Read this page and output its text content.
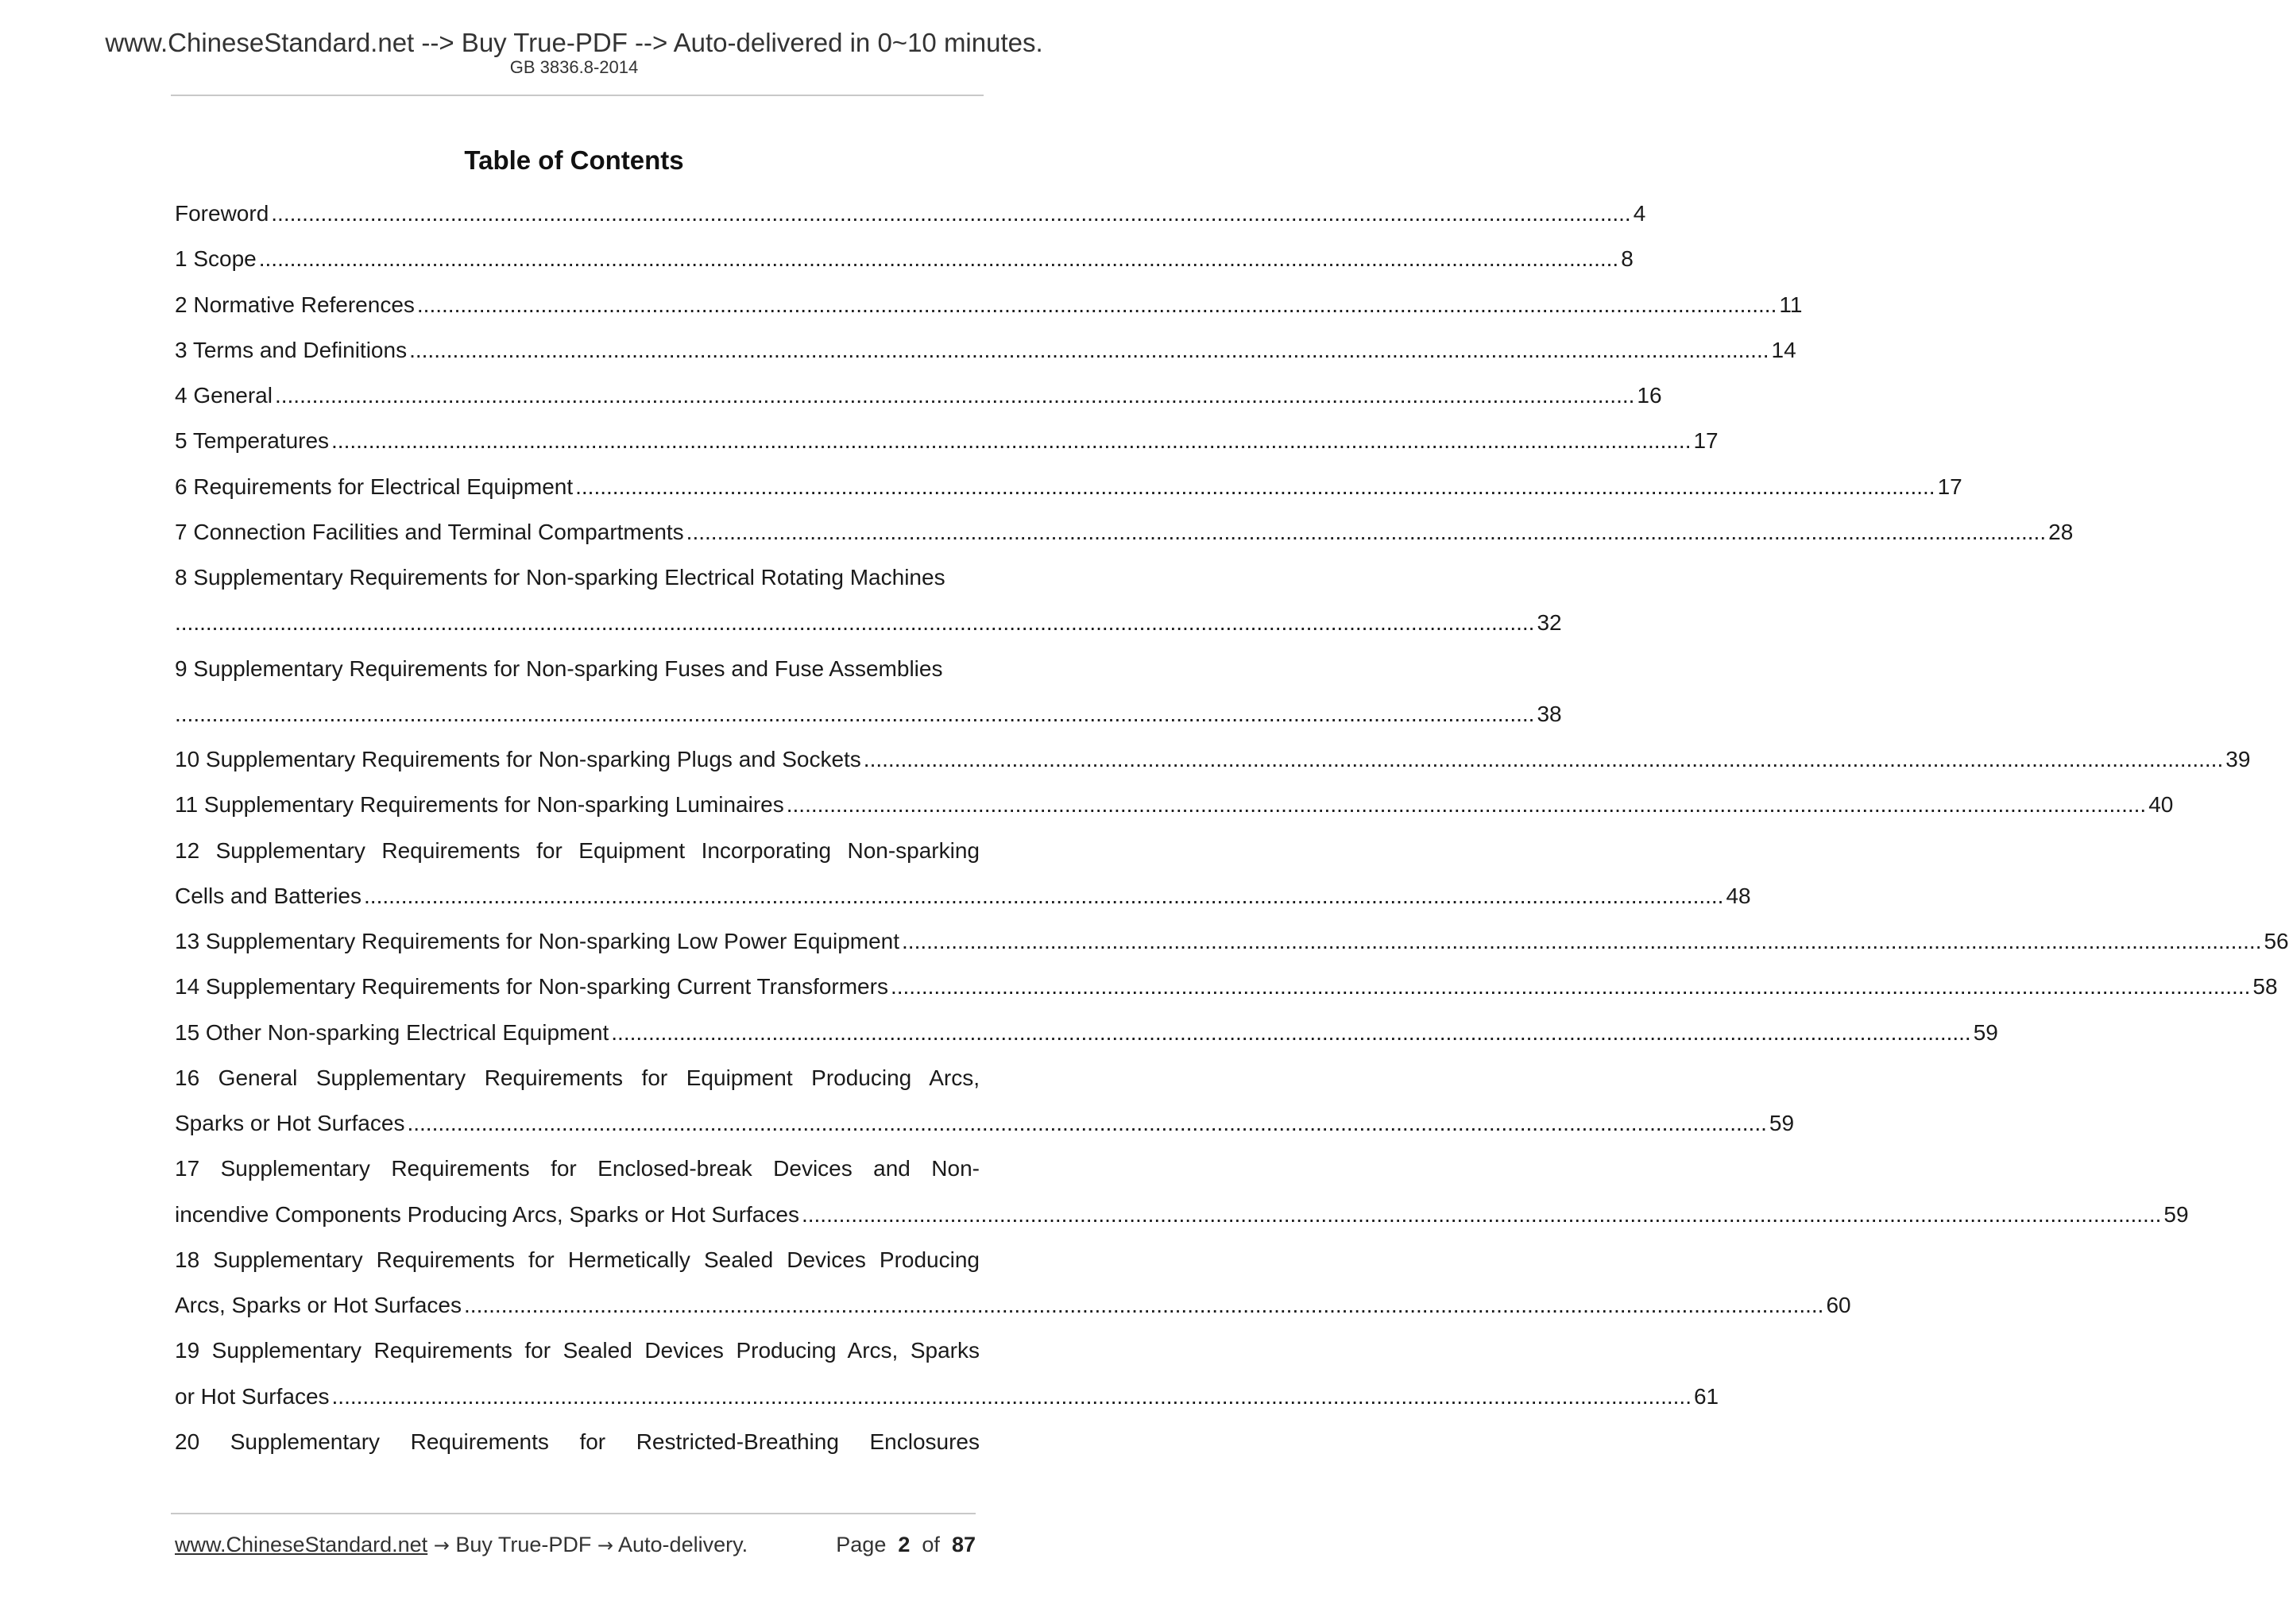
www.ChineseStandard.net --> Buy True-PDF --> Auto-delivered in 0~10 minutes.
GB 3836.8-2014
Table of Contents
Foreword ............................................................................................................................................................................................................................ 4
1 Scope ............................................................................................................................................................................................................................ 8
2 Normative References ............................................................................................................................................................................................................................ 11
3 Terms and Definitions ............................................................................................................................................................................................................................ 14
4 General ............................................................................................................................................................................................................................ 16
5 Temperatures ............................................................................................................................................................................................................................ 17
6 Requirements for Electrical Equipment ............................................................................................................................................................................................................................ 17
7 Connection Facilities and Terminal Compartments ............................................................................................................................................................................................................................ 28
8 Supplementary Requirements for Non-sparking Electrical Rotating Machines
............................................................................................................................................................................................................................ 32
9 Supplementary Requirements for Non-sparking Fuses and Fuse Assemblies
............................................................................................................................................................................................................................ 38
10 Supplementary Requirements for Non-sparking Plugs and Sockets ............................................................................................................................................................................................................................ 39
11 Supplementary Requirements for Non-sparking Luminaires ............................................................................................................................................................................................................................ 40
12 Supplementary Requirements for Equipment Incorporating Non-sparking
Cells and Batteries ............................................................................................................................................................................................................................ 48
13 Supplementary Requirements for Non-sparking Low Power Equipment ............................................................................................................................................................................................................................ 56
14 Supplementary Requirements for Non-sparking Current Transformers ............................................................................................................................................................................................................................ 58
15 Other Non-sparking Electrical Equipment ............................................................................................................................................................................................................................ 59
16 General Supplementary Requirements for Equipment Producing Arcs,
Sparks or Hot Surfaces ............................................................................................................................................................................................................................ 59
17 Supplementary Requirements for Enclosed-break Devices and Non-
incendive Components Producing Arcs, Sparks or Hot Surfaces ............................................................................................................................................................................................................................ 59
18 Supplementary Requirements for Hermetically Sealed Devices Producing
Arcs, Sparks or Hot Surfaces ............................................................................................................................................................................................................................ 60
19 Supplementary Requirements for Sealed Devices Producing Arcs, Sparks
or Hot Surfaces ............................................................................................................................................................................................................................ 61
20 Supplementary Requirements for Restricted-Breathing Enclosures
www.ChineseStandard.net → Buy True-PDF → Auto-delivery.	Page 2 of 87
